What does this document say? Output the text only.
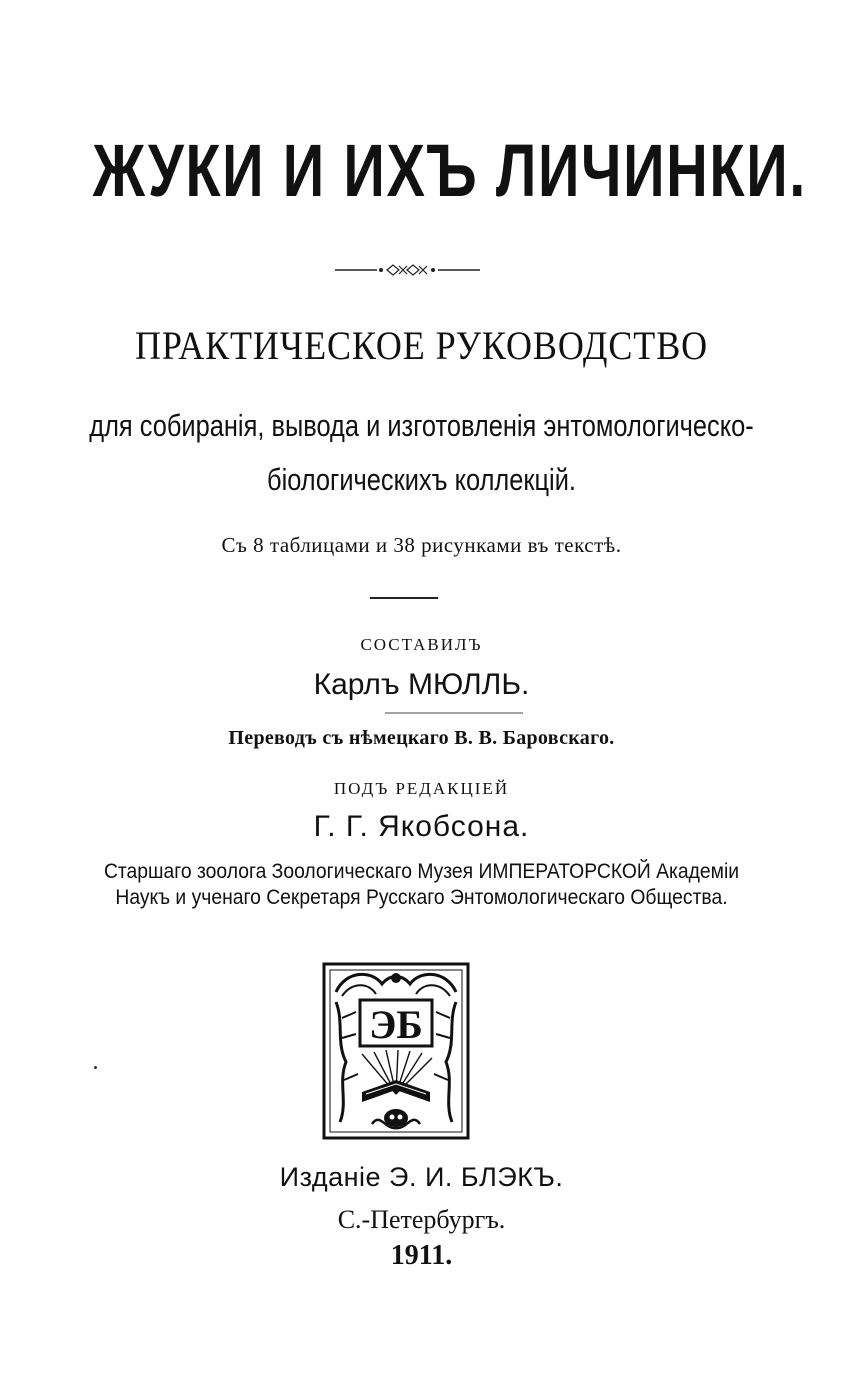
ЖУКИ И ИХЪ ЛИЧИНКИ.
ПРАКТИЧЕСКОЕ РУКОВОДСТВО
для собиранія, вывода и изготовленія энтомологическо-
біологическихъ коллекцій.
Съ 8 таблицами и 38 рисунками въ текстѣ.
СОСТАВИЛЪ
Карлъ МЮЛЛЬ.
Переводъ съ нѣмецкаго В. В. Баровскаго.
ПОДЪ РЕДАКЦІЕЙ
Г. Г. Якобсона.
Старшаго зоолога Зоологическаго Музея ИМПЕРАТОРСКОЙ Академіи
Наукъ и ученаго Секретаря Русскаго Энтомологическаго Общества.
ЭБ
Изданіе Э. И. БЛЭКЪ.
С.-Петербургъ.
1911.
